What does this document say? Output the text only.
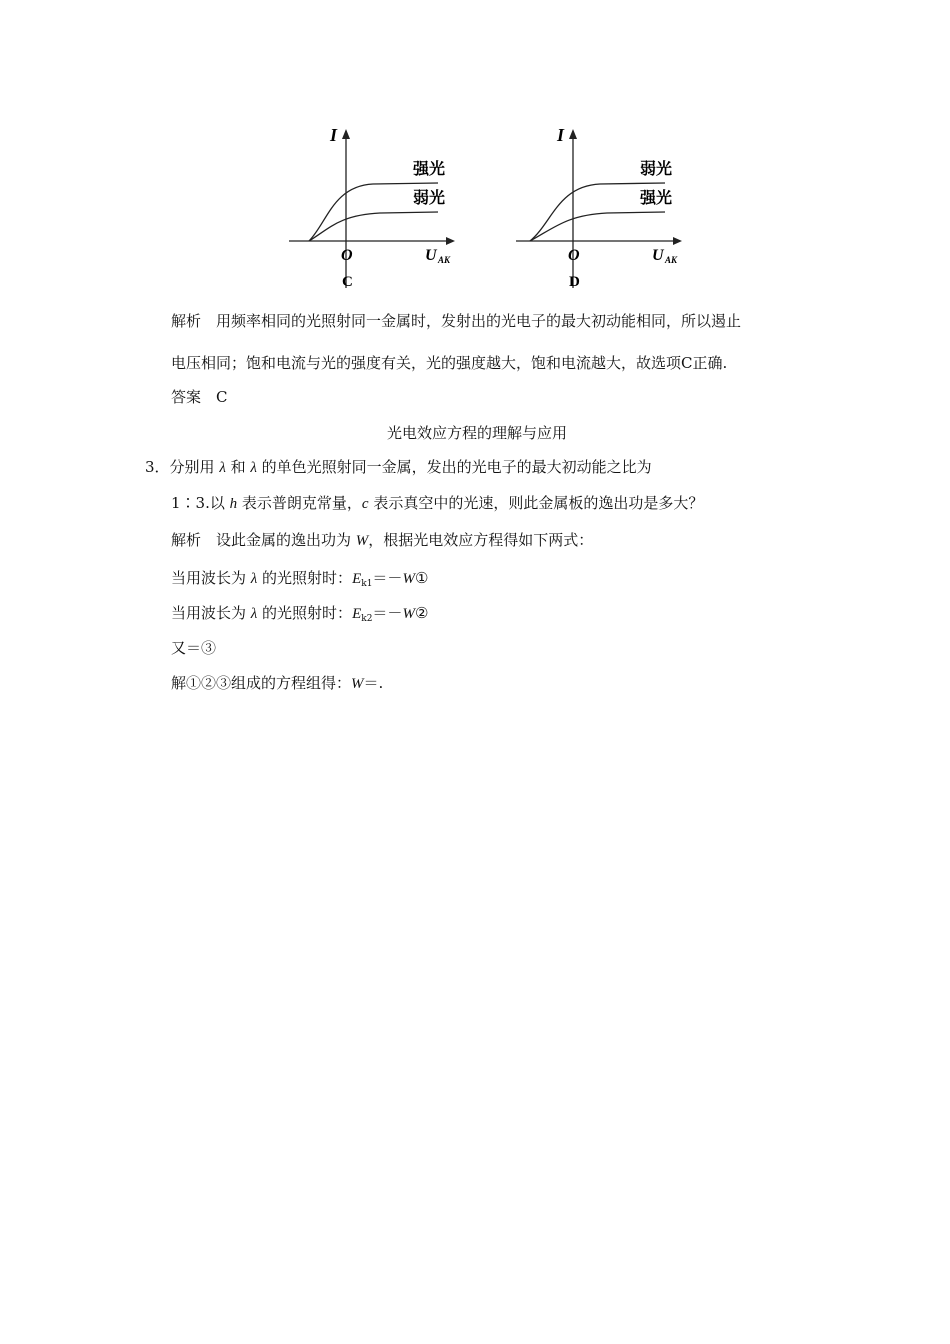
I
O	U AK
强光
弱光
C
I
O	U AK
弱光
强光
D
解析　用频率相同的光照射同一金属时，发射出的光电子的最大初动能相同，所以遏止
电压相同；饱和电流与光的强度有关，光的强度越大，饱和电流越大，故选项C正确.
答案　C
光电效应方程的理解与应用
3．分别用 λ 和 λ 的单色光照射同一金属，发出的光电子的最大初动能之比为
1∶3.以 h 表示普朗克常量，c 表示真空中的光速，则此金属板的逸出功是多大？
解析　设此金属的逸出功为 W，根据光电效应方程得如下两式：
当用波长为 λ 的光照射时：$E_{k1}=-W①$
当用波长为 λ 的光照射时：$E_{k2}=-W②$
又＝③
解①②③组成的方程组得：W＝.
